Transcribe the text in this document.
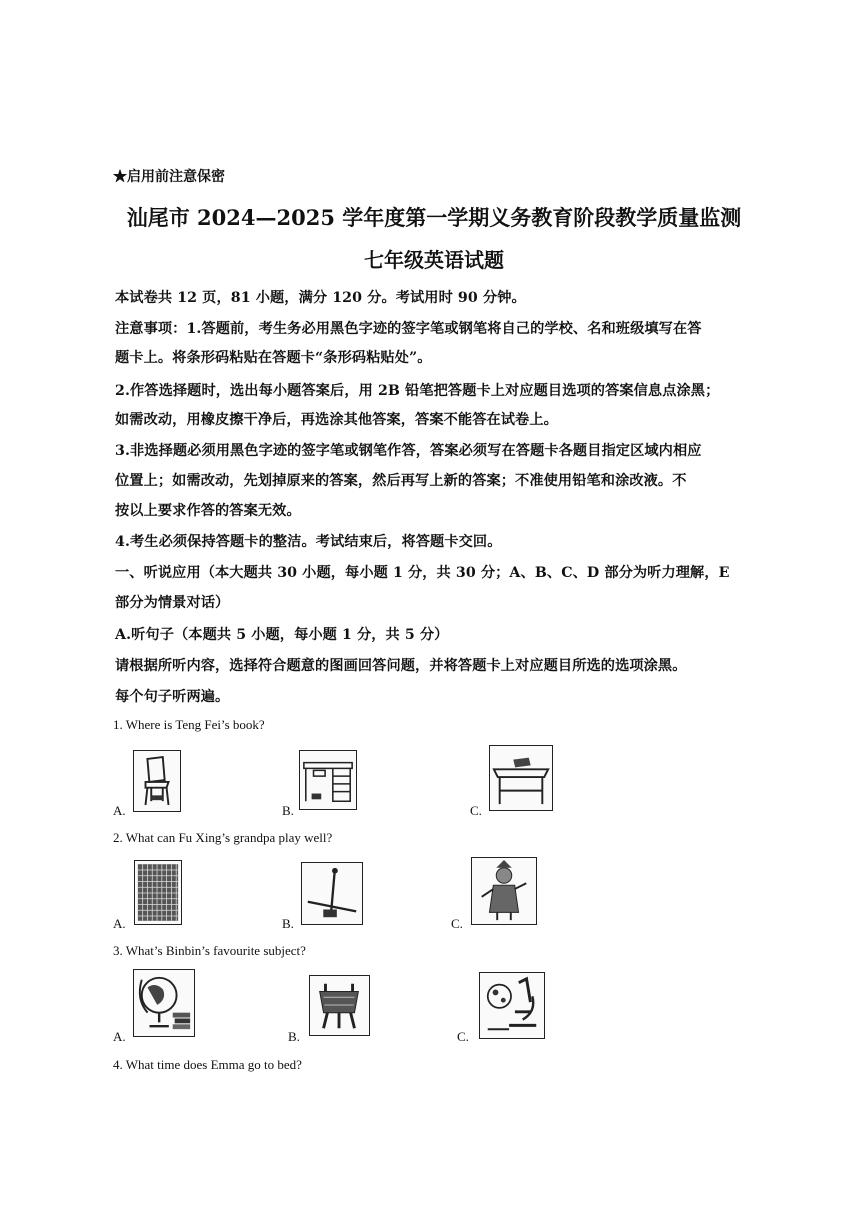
★启用前注意保密
汕尾市 2024—2025 学年度第一学期义务教育阶段教学质量监测
七年级英语试题
本试卷共 12 页，81 小题，满分 120 分。考试用时 90 分钟。
注意事项：1.答题前，考生务必用黑色字迹的签字笔或钢笔将自己的学校、名和班级填写在答
题卡上。将条形码粘贴在答题卡“条形码粘贴处”。
2.作答选择题时，选出每小题答案后，用 2B 铅笔把答题卡上对应题目选项的答案信息点涂黑；
如需改动，用橡皮擦干净后，再选涂其他答案，答案不能答在试卷上。
3.非选择题必须用黑色字迹的签字笔或钢笔作答，答案必须写在答题卡各题目指定区域内相应
位置上；如需改动，先划掉原来的答案，然后再写上新的答案；不准使用铅笔和涂改液。不
按以上要求作答的答案无效。
4.考生必须保持答题卡的整洁。考试结束后，将答题卡交回。
一、听说应用（本大题共 30 小题，每小题 1 分，共 30 分；A、B、C、D 部分为听力理解，E
部分为情景对话）
A.听句子（本题共 5 小题，每小题 1 分，共 5 分）
请根据所听内容，选择符合题意的图画回答问题，并将答题卡上对应题目所选的选项涂黑。
每个句子听两遍。
1. Where is Teng Fei’s book?
A.	B.	C.
2. What can Fu Xing’s grandpa play well?
A.	B.	C.
3. What’s Binbin’s favourite subject?
A.	B.	C.
4. What time does Emma go to bed?
